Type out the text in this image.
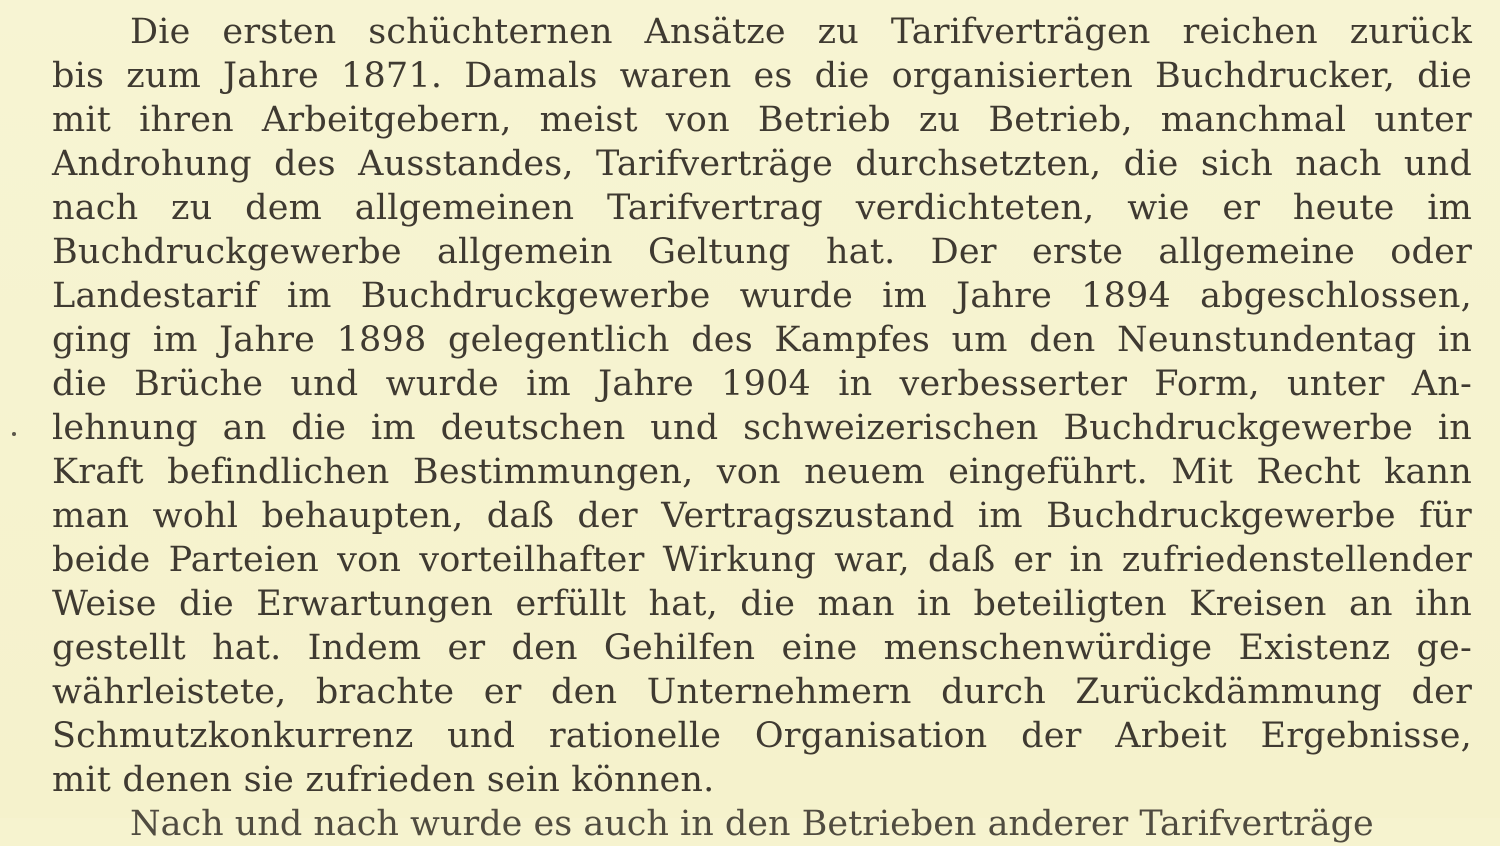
Die ersten schüchternen Ansätze zu Tarifverträgen reichen zurück
bis zum Jahre 1871. Damals waren es die organisierten Buchdrucker, die
mit ihren Arbeitgebern, meist von Betrieb zu Betrieb, manchmal unter
Androhung des Ausstandes, Tarifverträge durchsetzten, die sich nach und
nach zu dem allgemeinen Tarifvertrag verdichteten, wie er heute im
Buchdruckgewerbe allgemein Geltung hat. Der erste allgemeine oder
Landestarif im Buchdruckgewerbe wurde im Jahre 1894 abgeschlossen,
ging im Jahre 1898 gelegentlich des Kampfes um den Neunstundentag in
die Brüche und wurde im Jahre 1904 in verbesserter Form, unter An-
lehnung an die im deutschen und schweizerischen Buchdruckgewerbe in
Kraft befindlichen Bestimmungen, von neuem eingeführt. Mit Recht kann
man wohl behaupten, daß der Vertragszustand im Buchdruckgewerbe für
beide Parteien von vorteilhafter Wirkung war, daß er in zufriedenstellender
Weise die Erwartungen erfüllt hat, die man in beteiligten Kreisen an ihn
gestellt hat. Indem er den Gehilfen eine menschenwürdige Existenz ge-
währleistete, brachte er den Unternehmern durch Zurückdämmung der
Schmutzkonkurrenz und rationelle Organisation der Arbeit Ergebnisse,
mit denen sie zufrieden sein können.
Nach und nach wurde es auch in den Betrieben anderer Tarifverträge
